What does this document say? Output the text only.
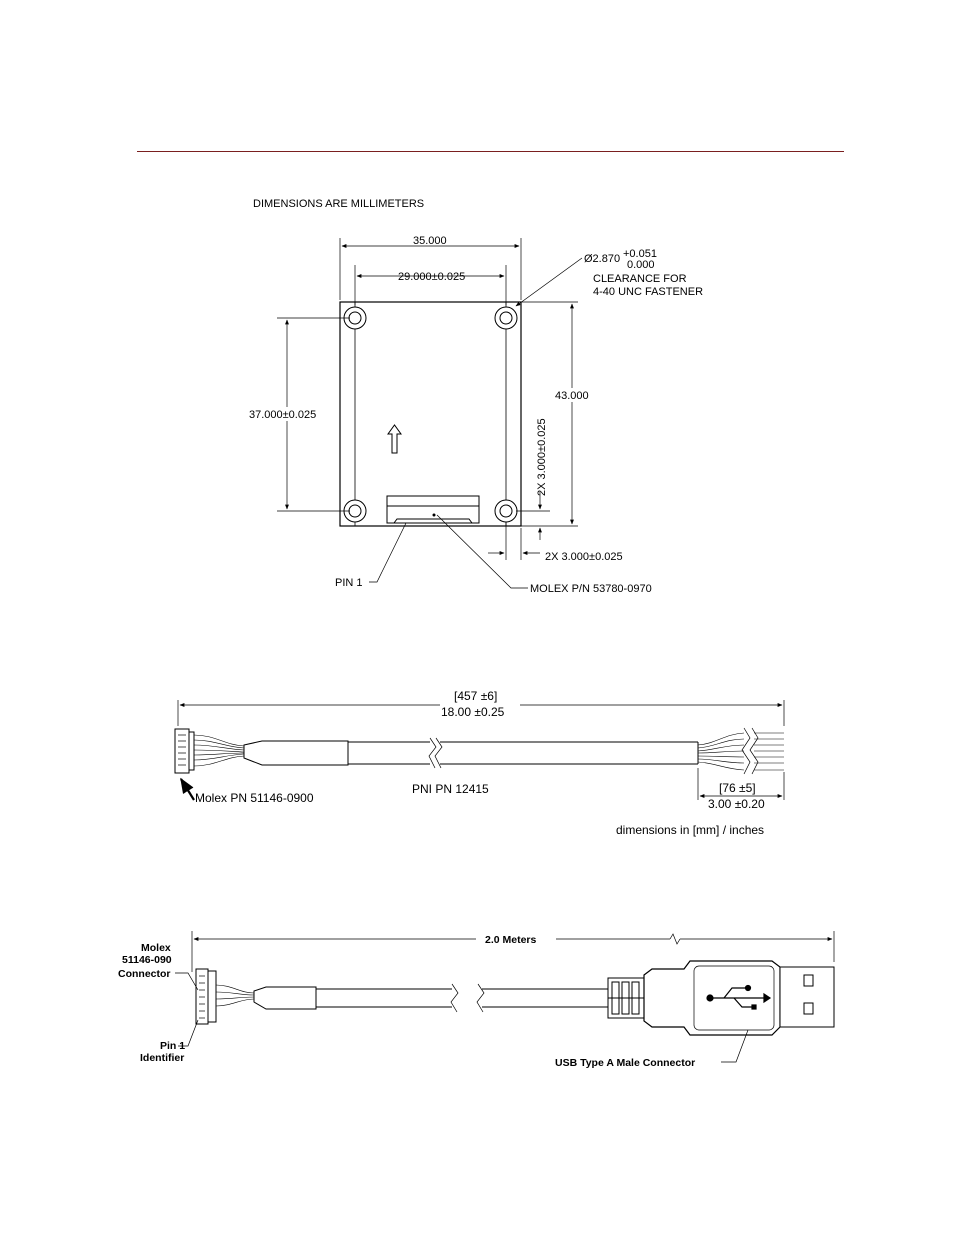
DIMENSIONS ARE MILLIMETERS
35.000
29.000±0.025
Ø2.870 +0.051
0.000
CLEARANCE FOR
4-40 UNC FASTENER
37.000±0.025
43.000
2X 3.000±0.025
2X 3.000±0.025
PIN 1	MOLEX P/N 53780-0970
[457 ±6]
18.00 ±0.25
Molex PN 51146-0900
PNI PN 12415	[76 ±5]
3.00 ±0.20
dimensions in [mm] / inches
2.0 Meters
Molex
51146-090
Connector
Pin 1
Identifier	USB Type A Male Connector
